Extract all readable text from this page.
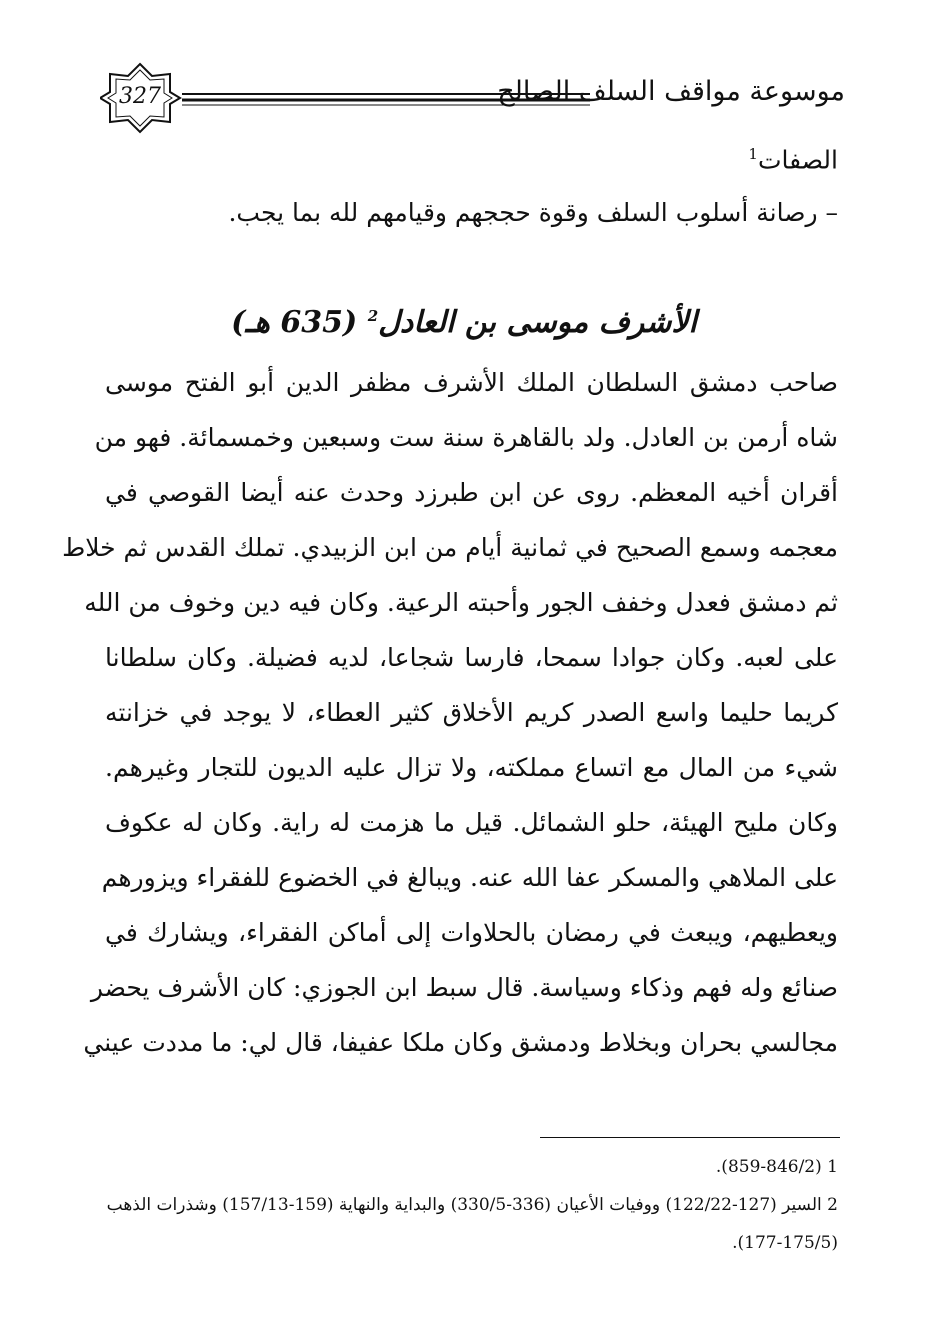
327	موسوعة مواقف السلف الصالح
الصفات$^1$
– رصانة أسلوب السلف وقوة حججهم وقيامهم لله بما يجب.
الأشرف موسى بن العادل$^2$ (635 هـ)
صاحب دمشق السلطان الملك الأشرف مظفر الدين أبو الفتح موسى
شاه أرمن بن العادل. ولد بالقاهرة سنة ست وسبعين وخمسمائة. فهو من
أقران أخيه المعظم. روى عن ابن طبرزد وحدث عنه أيضا القوصي في
معجمه وسمع الصحيح في ثمانية أيام من ابن الزبيدي. تملك القدس ثم خلاط
ثم دمشق فعدل وخفف الجور وأحبته الرعية. وكان فيه دين وخوف من الله
على لعبه. وكان جوادا سمحا، فارسا شجاعا، لديه فضيلة. وكان سلطانا
كريما حليما واسع الصدر كريم الأخلاق كثير العطاء، لا يوجد في خزانته
شيء من المال مع اتساع مملكته، ولا تزال عليه الديون للتجار وغيرهم.
وكان مليح الهيئة، حلو الشمائل. قيل ما هزمت له راية. وكان له عكوف
على الملاهي والمسكر عفا الله عنه. ويبالغ في الخضوع للفقراء ويزورهم
ويعطيهم، ويبعث في رمضان بالحلاوات إلى أماكن الفقراء، ويشارك في
صنائع وله فهم وذكاء وسياسة. قال سبط ابن الجوزي: كان الأشرف يحضر
مجالسي بحران وبخلاط ودمشق وكان ملكا عفيفا، قال لي: ما مددت عيني
1 (859-846/2).
2 السير (127-122/22) ووفيات الأعيان (336-330/5) والبداية والنهاية (159-157/13) وشذرات الذهب
(177-175/5).
